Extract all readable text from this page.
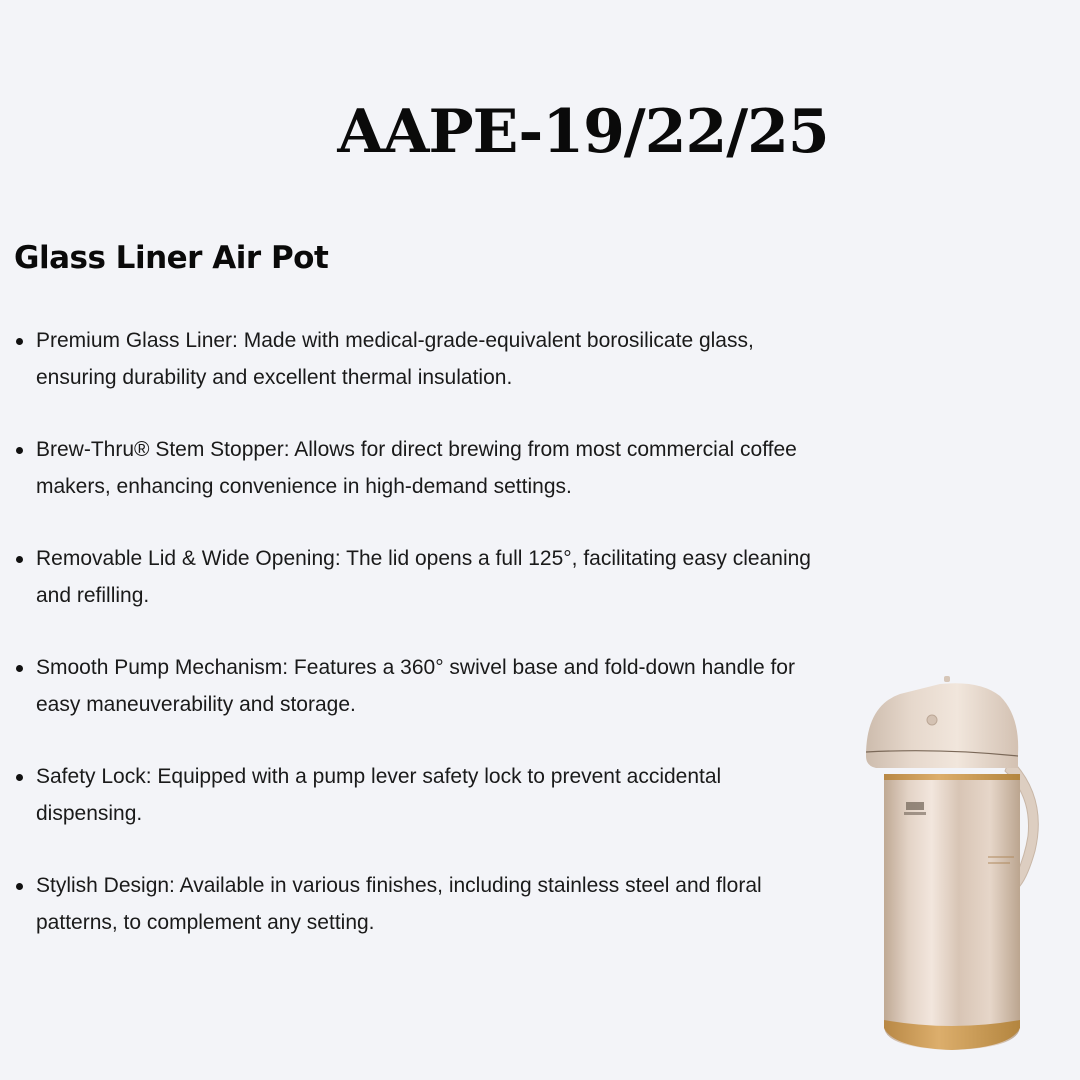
AAPE-19/22/25
Glass Liner Air Pot
Premium Glass Liner: Made with medical-grade-equivalent borosilicate glass, ensuring durability and excellent thermal insulation.
Brew-Thru® Stem Stopper: Allows for direct brewing from most commercial coffee makers, enhancing convenience in high-demand settings.
Removable Lid & Wide Opening: The lid opens a full 125°, facilitating easy cleaning and refilling.
Smooth Pump Mechanism: Features a 360° swivel base and fold-down handle for easy maneuverability and storage.
Safety Lock: Equipped with a pump lever safety lock to prevent accidental dispensing.
Stylish Design: Available in various finishes, including stainless steel and floral patterns, to complement any setting.
